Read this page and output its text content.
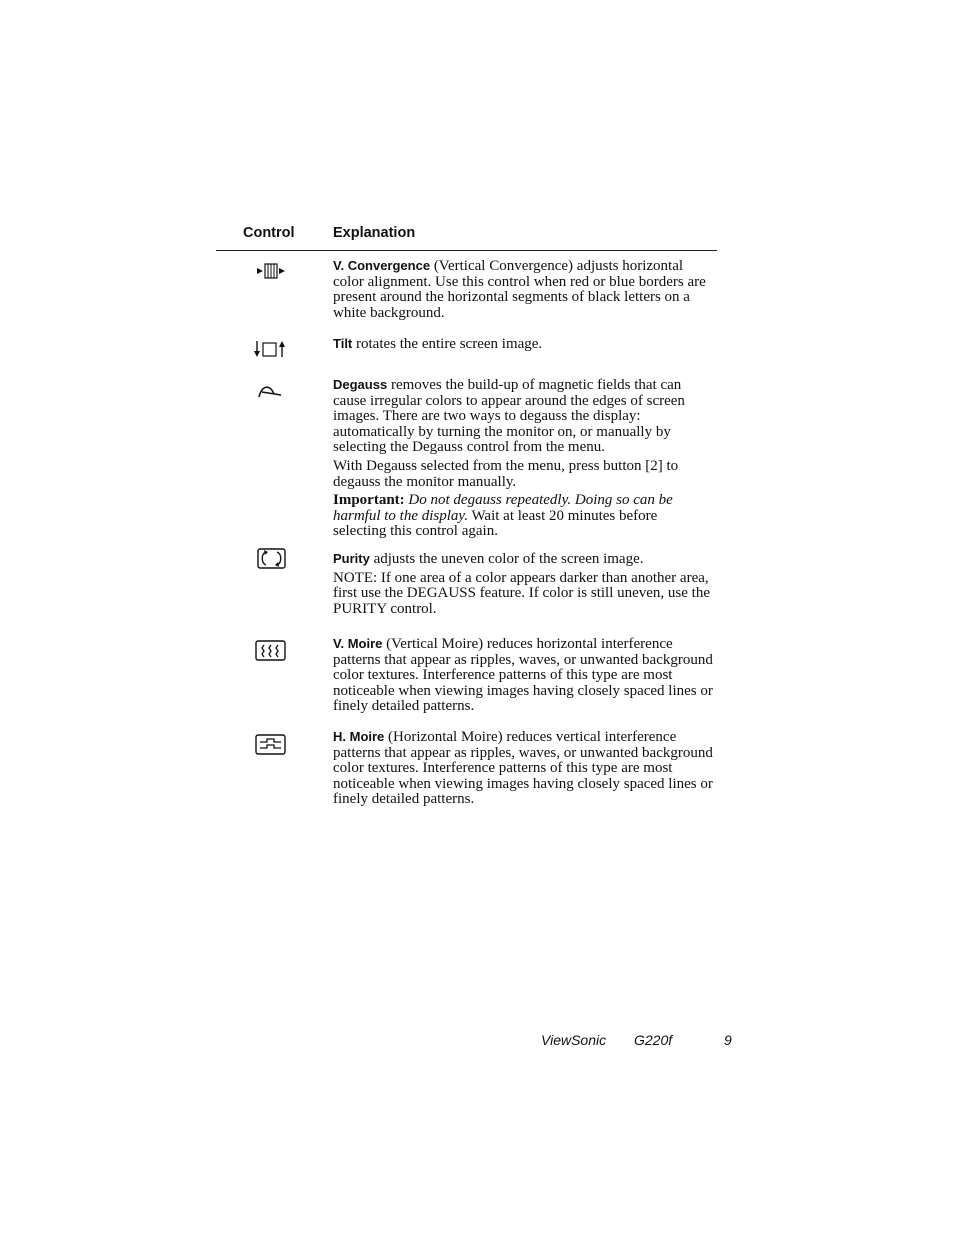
Control	Explanation

V. Convergence (Vertical Convergence) adjusts horizontal color alignment. Use this control when red or blue borders are present around the horizontal segments of black letters on a white background.

Tilt rotates the entire screen image.

Degauss removes the build-up of magnetic fields that can cause irregular colors to appear around the edges of screen images. There are two ways to degauss the display: automatically by turning the monitor on, or manually by selecting the Degauss control from the menu.

With Degauss selected from the menu, press button [2] to degauss the monitor manually.

Important: Do not degauss repeatedly. Doing so can be harmful to the display. Wait at least 20 minutes before selecting this control again.

Purity adjusts the uneven color of the screen image.

NOTE: If one area of a color appears darker than another area, first use the DEGAUSS feature. If color is still uneven, use the PURITY control.

V. Moire (Vertical Moire) reduces horizontal interference patterns that appear as ripples, waves, or unwanted background color textures. Interference patterns of this type are most noticeable when viewing images having closely spaced lines or finely detailed patterns.

H. Moire (Horizontal Moire) reduces vertical interference patterns that appear as ripples, waves, or unwanted background color textures. Interference patterns of this type are most noticeable when viewing images having closely spaced lines or finely detailed patterns.

ViewSonic G220f	9
